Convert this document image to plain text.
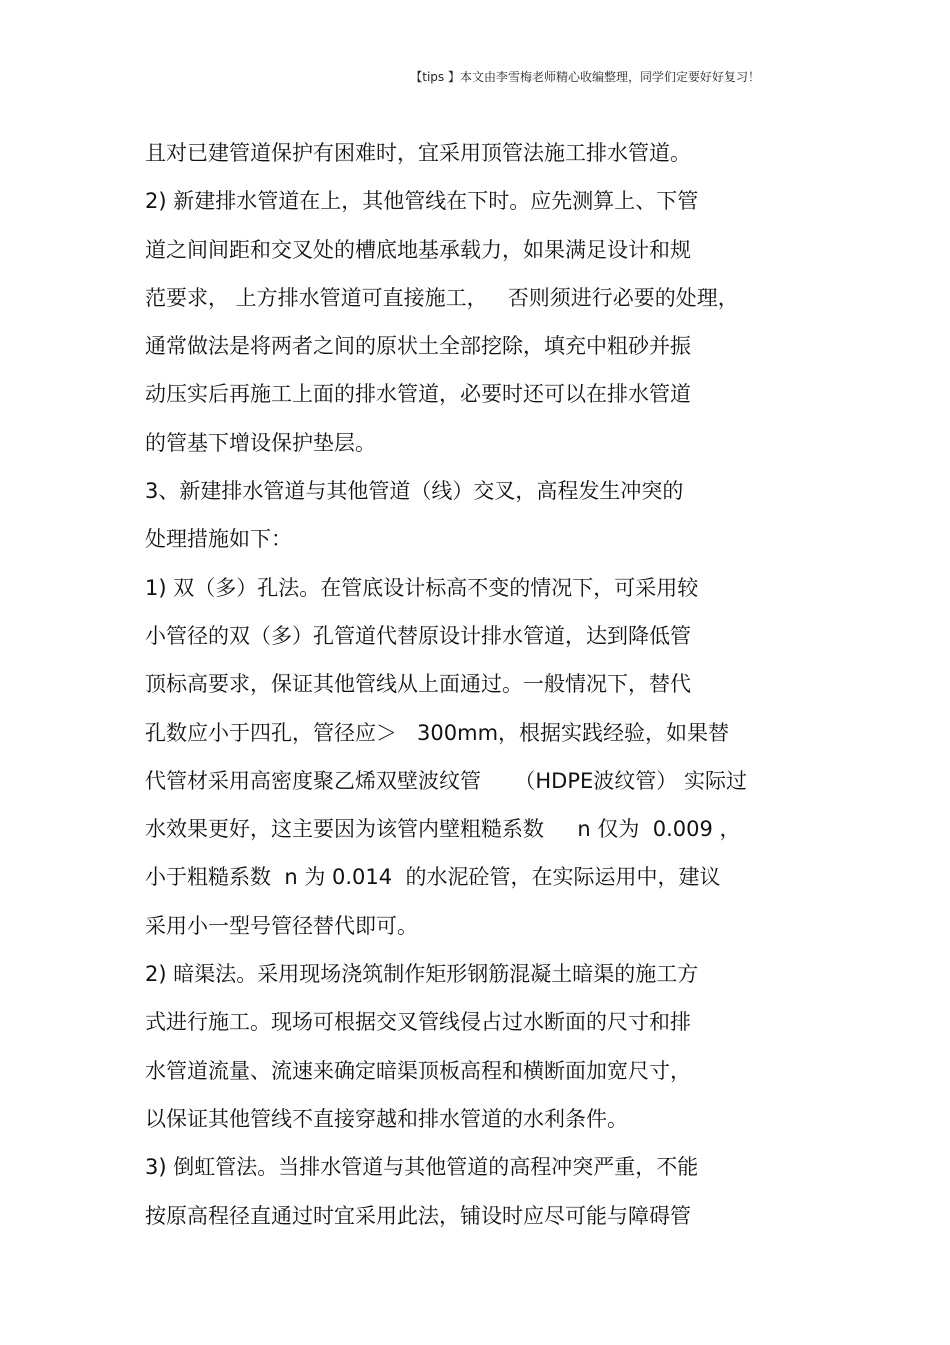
【tips 】本文由李雪梅老师精心收编整理，同学们定要好好复习！
且对已建管道保护有困难时，宜采用顶管法施工排水管道。
2) 新建排水管道在上，其他管线在下时。应先测算上、下管
道之间间距和交叉处的槽底地基承载力，如果满足设计和规
范要求， 上方排水管道可直接施工，   否则须进行必要的处理，
通常做法是将两者之间的原状土全部挖除，填充中粗砂并振
动压实后再施工上面的排水管道，必要时还可以在排水管道
的管基下增设保护垫层。
3、新建排水管道与其他管道（线）交叉，高程发生冲突的
处理措施如下：
1) 双（多）孔法。在管底设计标高不变的情况下，可采用较
小管径的双（多）孔管道代替原设计排水管道，达到降低管
顶标高要求，保证其他管线从上面通过。一般情况下，替代
孔数应小于四孔，管径应＞   300mm，根据实践经验，如果替
代管材采用高密度聚乙烯双壁波纹管     （HDPE波纹管） 实际过
水效果更好，这主要因为该管内壁粗糙系数     n 仅为  0.009 ，
小于粗糙系数  n 为 0.014  的水泥砼管，在实际运用中，建议
采用小一型号管径替代即可。
2) 暗渠法。采用现场浇筑制作矩形钢筋混凝土暗渠的施工方
式进行施工。现场可根据交叉管线侵占过水断面的尺寸和排
水管道流量、流速来确定暗渠顶板高程和横断面加宽尺寸，
以保证其他管线不直接穿越和排水管道的水利条件。
3) 倒虹管法。当排水管道与其他管道的高程冲突严重，不能
按原高程径直通过时宜采用此法，铺设时应尽可能与障碍管
